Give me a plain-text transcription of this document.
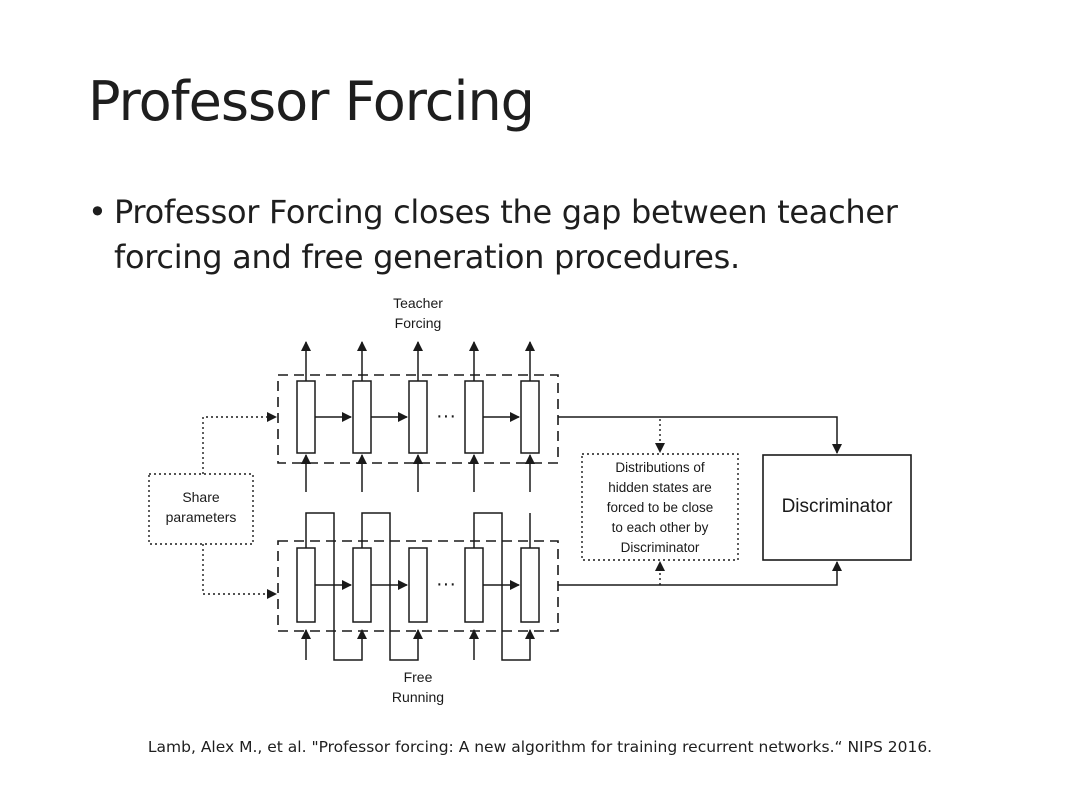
Professor Forcing
• Professor Forcing closes the gap between teacher forcing and free generation procedures.
Teacher
Forcing
···
···
Free
Running
Share
parameters
Distributions of
hidden states are
forced to be close
to each other by
Discriminator
Discriminator
Lamb, Alex M., et al. "Professor forcing: A new algorithm for training recurrent networks.“ NIPS 2016.
